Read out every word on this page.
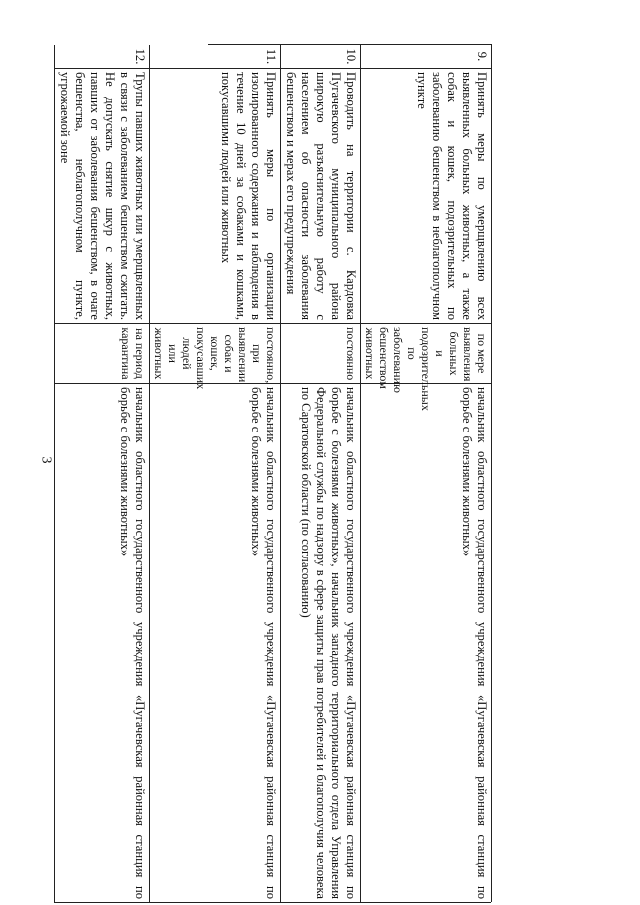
3
9.
Принять меры по умерщвлению всех выявленных больных животных, а также собак и кошек, подозрительных по заболеванию бешенством в неблагополучном пункте
по мере выявления больных и подозрительных по заболеванию бешенством животных
начальник областного государственного учреждения «Пугачевская районная станция по борьбе с болезнями животных»
10.
Проводить на территории с. Кардовка Пугачевского муниципального района широкую разъяснительную работу с населением об опасности заболевания бешенством и мерах его предупреждения
постоянно
начальник областного государственного учреждения «Пугачевская районная станция по борьбе с болезнями животных», начальник западного территориального отдела Управления Федеральной службы по надзору в сфере защиты прав потребителей и благополучия человека по Саратовской области (по согласованию)
11.
Принять меры по организации изолированного содержания и наблюдения в течение 10 дней за собаками и кошками, покусавшими людей или животных
постоянно, при выявлении собак и кошек, покусавших людей или животных
начальник областного государственного учреждения «Пугачевская районная станция по борьбе с болезнями животных»
12.
Трупы павших животных или умерщвленных в связи с заболеванием бешенством сжигать. Не допускать снятие шкур с животных, павших от заболевания бешенством, в очаге бешенства, неблагополучном пункте, угрожаемой зоне
на период карантина
начальник областного государственного учреждения «Пугачевская районная станция по борьбе с болезнями животных»
